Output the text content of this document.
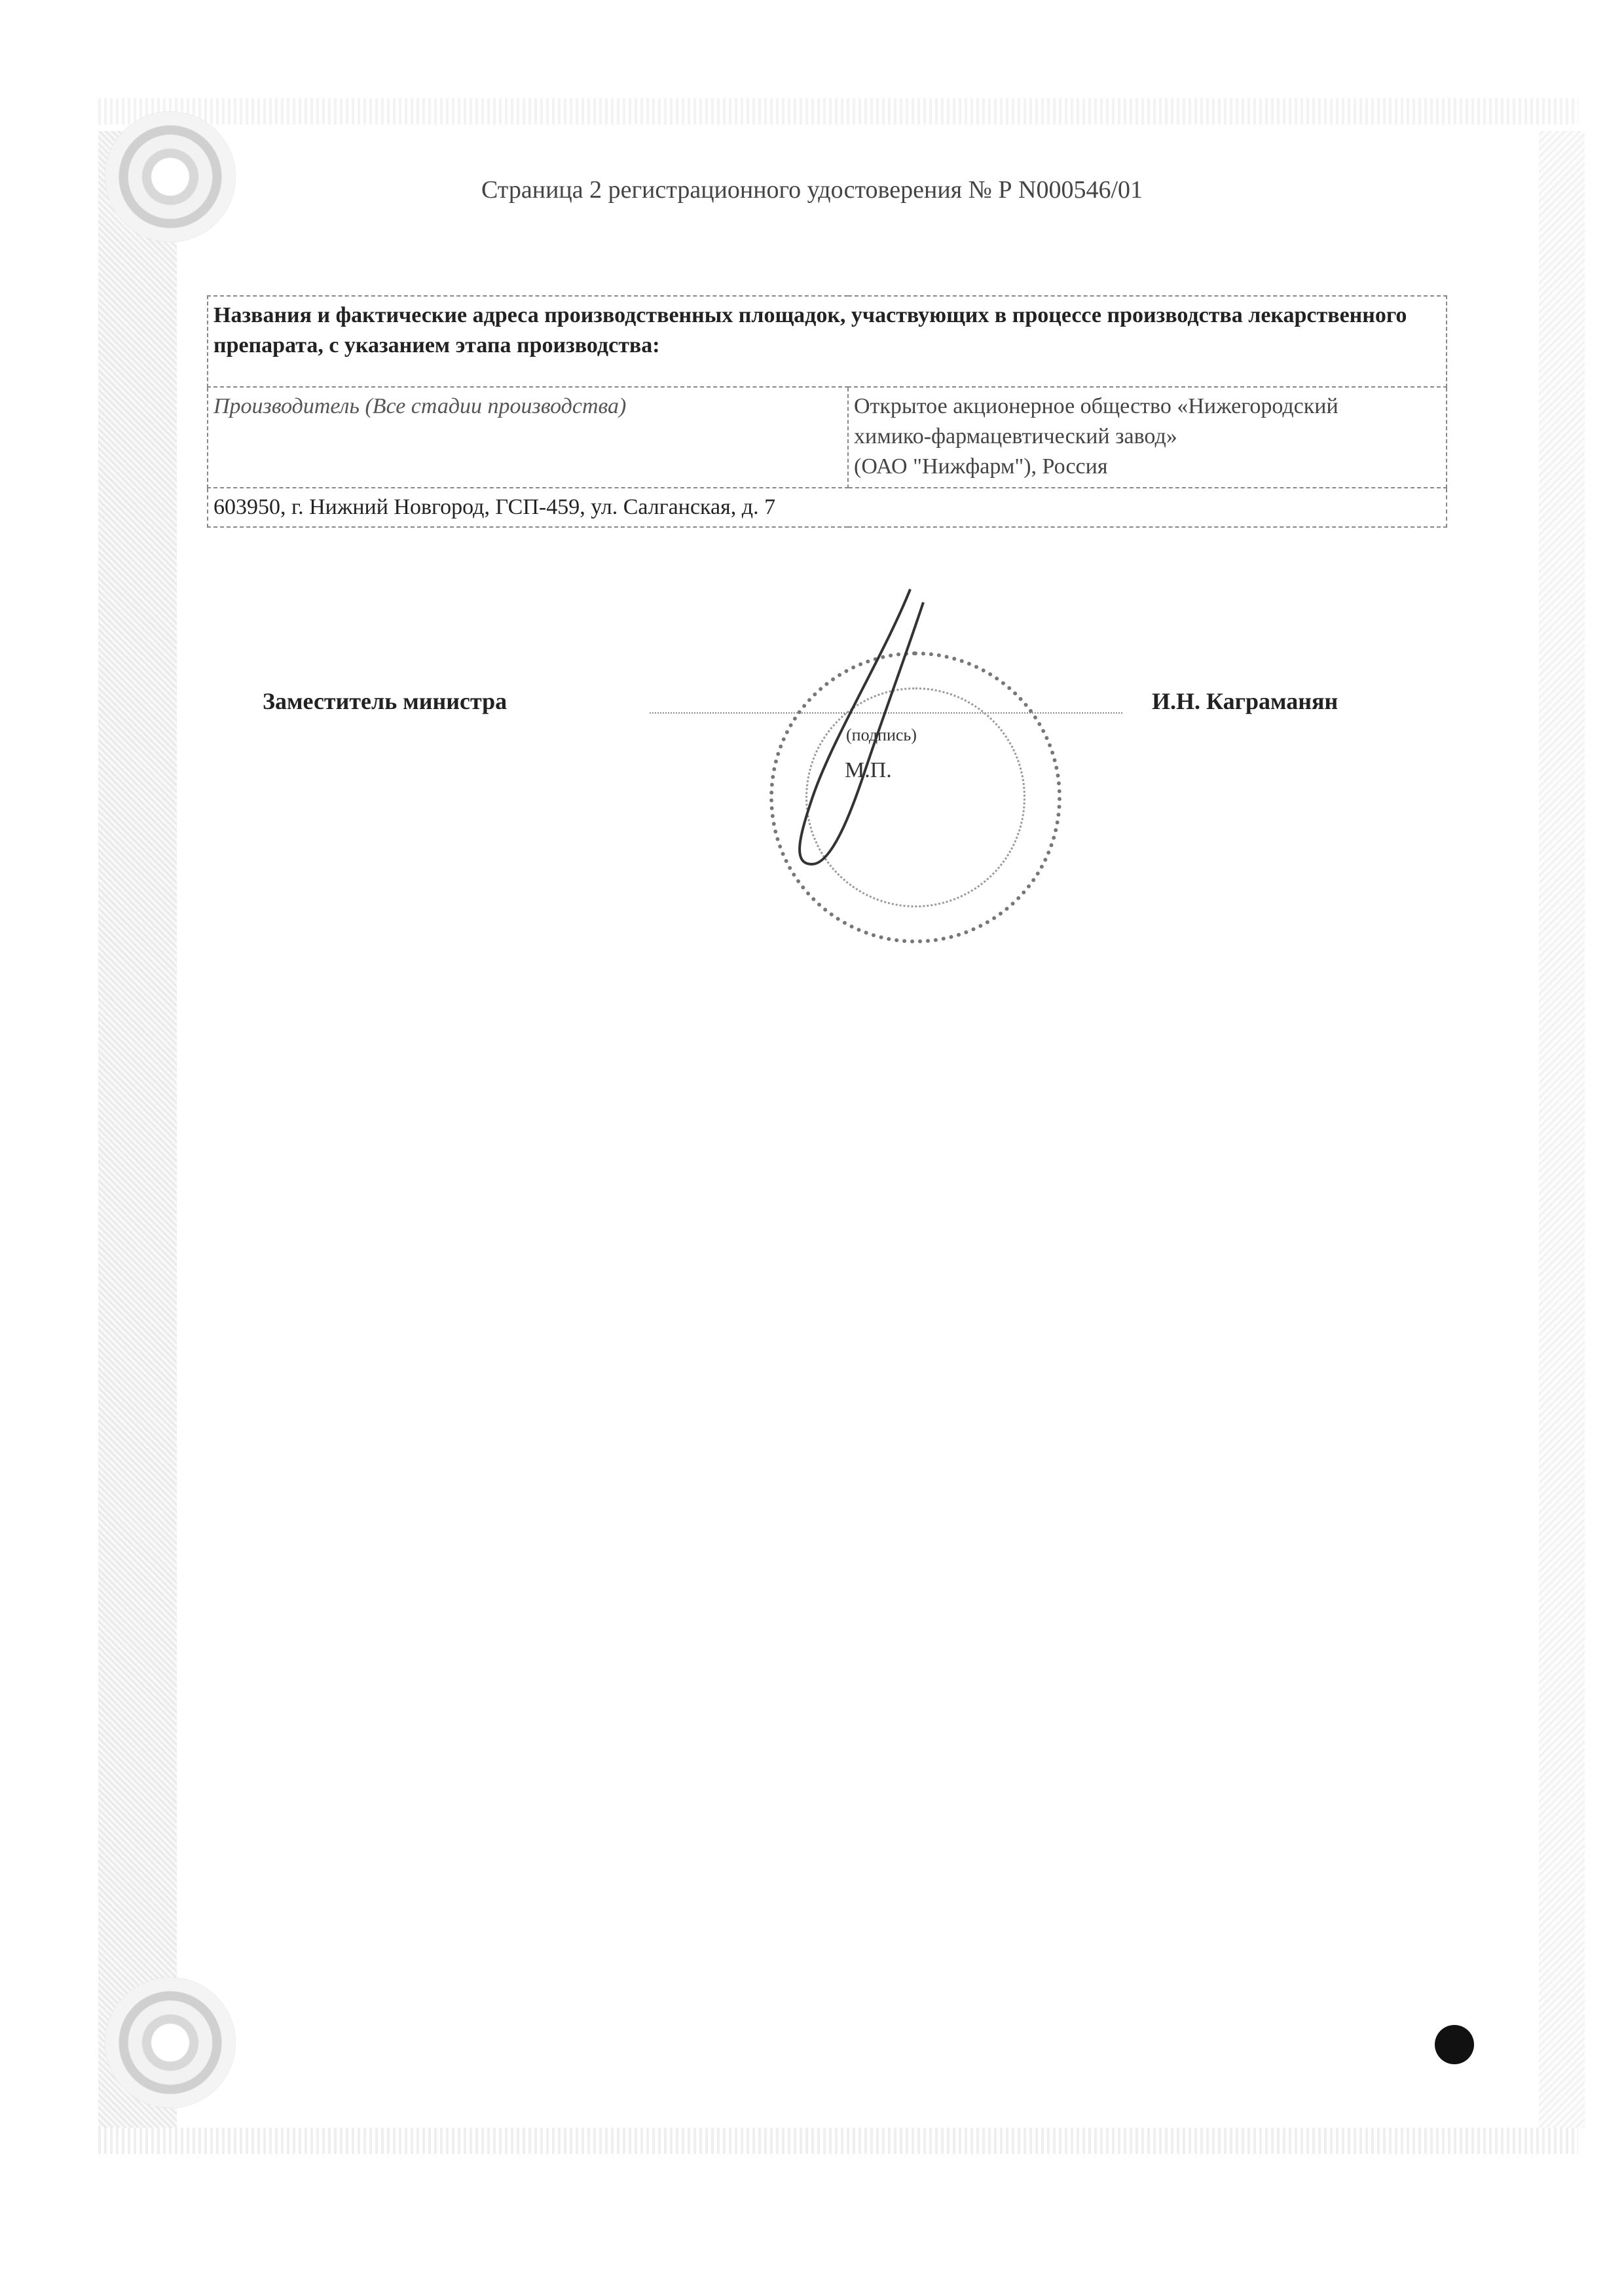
Страница 2 регистрационного удостоверения № Р N000546/01
Названия и фактические адреса производственных площадок, участвующих в процессе производства лекарственного препарата, с указанием этапа производства:
Производитель (Все стадии производства)	Открытое акционерное общество «Нижегородский
химико-фармацевтический завод»
(ОАО "Нижфарм"), Россия

603950, г. Нижний Новгород, ГСП-459, ул. Салганская, д. 7
Заместитель министра	И.Н. Каграманян
(подпись)
М.П.
